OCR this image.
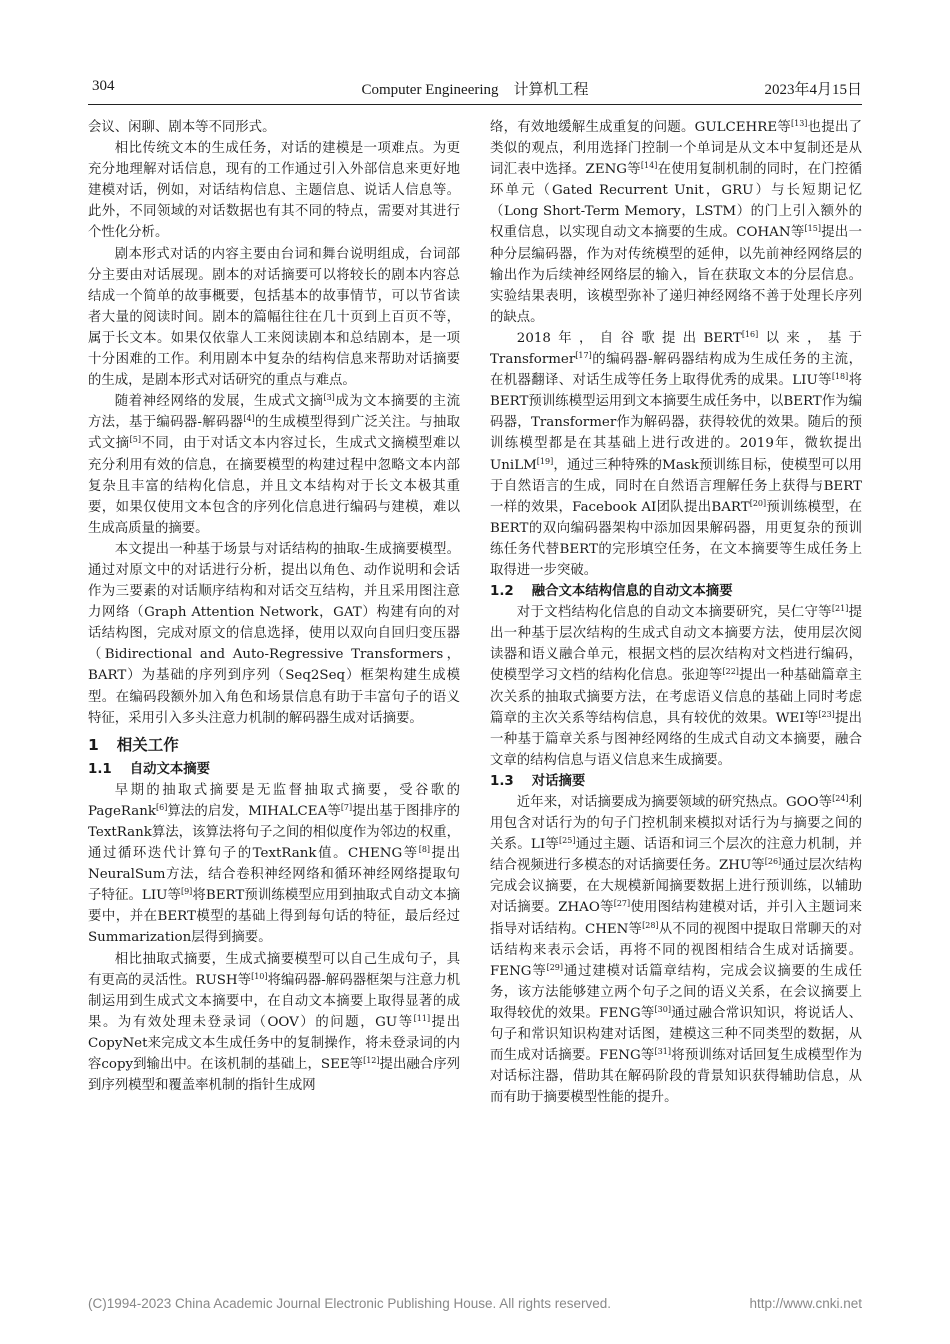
304	Computer Engineering　计算机工程	2023年4月15日

会议、闲聊、剧本等不同形式。

相比传统文本的生成任务，对话的建模是一项难点。为更充分地理解对话信息，现有的工作通过引入外部信息来更好地建模对话，例如，对话结构信息、主题信息、说话人信息等。此外，不同领域的对话数据也有其不同的特点，需要对其进行个性化分析。

剧本形式对话的内容主要由台词和舞台说明组成，台词部分主要由对话展现。剧本的对话摘要可以将较长的剧本内容总结成一个简单的故事概要，包括基本的故事情节，可以节省读者大量的阅读时间。剧本的篇幅往往在几十页到上百页不等，属于长文本。如果仅依靠人工来阅读剧本和总结剧本，是一项十分困难的工作。利用剧本中复杂的结构信息来帮助对话摘要的生成，是剧本形式对话研究的重点与难点。

随着神经网络的发展，生成式文摘[3]成为文本摘要的主流方法，基于编码器-解码器[4]的生成模型得到广泛关注。与抽取式文摘[5]不同，由于对话文本内容过长，生成式文摘模型难以充分利用有效的信息，在摘要模型的构建过程中忽略文本内部复杂且丰富的结构化信息，并且文本结构对于长文本极其重要，如果仅使用文本包含的序列化信息进行编码与建模，难以生成高质量的摘要。

本文提出一种基于场景与对话结构的抽取-生成摘要模型。通过对原文中的对话进行分析，提出以角色、动作说明和会话作为三要素的对话顺序结构和对话交互结构，并且采用图注意力网络（Graph Attention Network，GAT）构建有向的对话结构图，完成对原文的信息选择，使用以双向自回归变压器（Bidirectional and Auto-Regressive Transformers，BART）为基础的序列到序列（Seq2Seq）框架构建生成模型。在编码段额外加入角色和场景信息有助于丰富句子的语义特征，采用引入多头注意力机制的解码器生成对话摘要。

1 相关工作
1.1 自动文本摘要

早期的抽取式摘要是无监督抽取式摘要，受谷歌的PageRank[6]算法的启发，MIHALCEA等[7]提出基于图排序的TextRank算法，该算法将句子之间的相似度作为邻边的权重，通过循环迭代计算句子的TextRank值。CHENG等[8]提出NeuralSum方法，结合卷积神经网络和循环神经网络提取句子特征。LIU等[9]将BERT预训练模型应用到抽取式自动文本摘要中，并在BERT模型的基础上得到每句话的特征，最后经过Summarization层得到摘要。

相比抽取式摘要，生成式摘要模型可以自己生成句子，具有更高的灵活性。RUSH等[10]将编码器-解码器框架与注意力机制运用到生成式文本摘要中，在自动文本摘要上取得显著的成果。为有效处理未登录词（OOV）的问题，GU等[11]提出CopyNet来完成文本生成任务中的复制操作，将未登录词的内容copy到输出中。在该机制的基础上，SEE等[12]提出融合序列到序列模型和覆盖率机制的指针生成网

络，有效地缓解生成重复的问题。GULCEHRE等[13]也提出了类似的观点，利用选择门控制一个单词是从文本中复制还是从词汇表中选择。ZENG等[14]在使用复制机制的同时，在门控循环单元（Gated Recurrent Unit，GRU）与长短期记忆（Long Short-Term Memory，LSTM）的门上引入额外的权重信息，以实现自动文本摘要的生成。COHAN等[15]提出一种分层编码器，作为对传统模型的延伸，以先前神经网络层的输出作为后续神经网络层的输入，旨在获取文本的分层信息。实验结果表明，该模型弥补了递归神经网络不善于处理长序列的缺点。

2018年，自谷歌提出BERT[16]以来，基于Transformer[17]的编码器-解码器结构成为生成任务的主流，在机器翻译、对话生成等任务上取得优秀的成果。LIU等[18]将BERT预训练模型运用到文本摘要生成任务中，以BERT作为编码器，Transformer作为解码器，获得较优的效果。随后的预训练模型都是在其基础上进行改进的。2019年，微软提出UniLM[19]，通过三种特殊的Mask预训练目标，使模型可以用于自然语言的生成，同时在自然语言理解任务上获得与BERT一样的效果，Facebook AI团队提出BART[20]预训练模型，在BERT的双向编码器架构中添加因果解码器，用更复杂的预训练任务代替BERT的完形填空任务，在文本摘要等生成任务上取得进一步突破。

1.2 融合文本结构信息的自动文本摘要

对于文档结构化信息的自动文本摘要研究，吴仁守等[21]提出一种基于层次结构的生成式自动文本摘要方法，使用层次阅读器和语义融合单元，根据文档的层次结构对文档进行编码，使模型学习文档的结构化信息。张迎等[22]提出一种基础篇章主次关系的抽取式摘要方法，在考虑语义信息的基础上同时考虑篇章的主次关系等结构信息，具有较优的效果。WEI等[23]提出一种基于篇章关系与图神经网络的生成式自动文本摘要，融合文章的结构信息与语义信息来生成摘要。

1.3 对话摘要

近年来，对话摘要成为摘要领域的研究热点。GOO等[24]利用包含对话行为的句子门控机制来模拟对话行为与摘要之间的关系。LI等[25]通过主题、话语和词三个层次的注意力机制，并结合视频进行多模态的对话摘要任务。ZHU等[26]通过层次结构完成会议摘要，在大规模新闻摘要数据上进行预训练，以辅助对话摘要。ZHAO等[27]使用图结构建模对话，并引入主题词来指导对话结构。CHEN等[28]从不同的视图中提取日常聊天的对话结构来表示会话，再将不同的视图相结合生成对话摘要。FENG等[29]通过建模对话篇章结构，完成会议摘要的生成任务，该方法能够建立两个句子之间的语义关系，在会议摘要上取得较优的效果。FENG等[30]通过融合常识知识，将说话人、句子和常识知识构建对话图，建模这三种不同类型的数据，从而生成对话摘要。FENG等[31]将预训练对话回复生成模型作为对话标注器，借助其在解码阶段的背景知识获得辅助信息，从而有助于摘要模型性能的提升。

(C)1994-2023 China Academic Journal Electronic Publishing House. All rights reserved.	http://www.cnki.net
